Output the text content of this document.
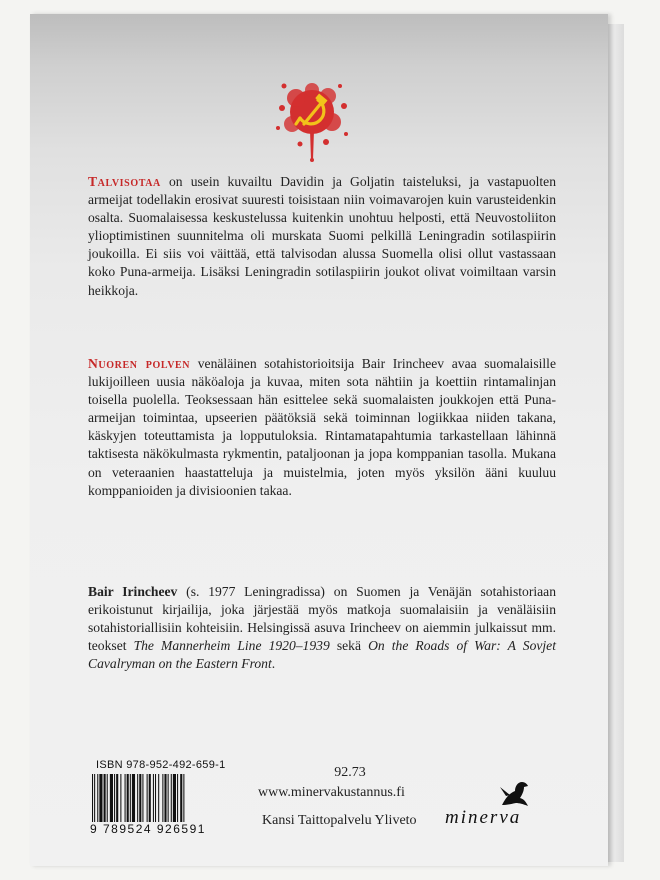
Talvisotaa on usein kuvailtu Davidin ja Goljatin taisteluksi, ja vastapuolten armeijat todellakin erosivat suuresti toisistaan niin voimavarojen kuin varusteidenkin osalta. Suomalaisessa keskustelussa kuitenkin unohtuu helposti, että Neuvostoliiton ylioptimistinen suunnitelma oli murskata Suomi pelkillä Leningradin sotilaspiirin joukoilla. Ei siis voi väittää, että talvisodan alussa Suomella olisi ollut vastassaan koko Puna-armeija. Lisäksi Leningradin sotilaspiirin joukot olivat voimiltaan varsin heikkoja.
Nuoren polven venäläinen sotahistorioitsija Bair Irincheev avaa suomalaisille lukijoilleen uusia näköaloja ja kuvaa, miten sota nähtiin ja koettiin rintamalinjan toisella puolella. Teoksessaan hän esittelee sekä suomalaisten joukkojen että Puna-armeijan toimintaa, upseerien päätöksiä sekä toiminnan logiikkaa niiden takana, käskyjen toteuttamista ja lopputuloksia. Rintamatapahtumia tarkastellaan lähinnä taktisesta näkökulmasta rykmentin, pataljoonan ja jopa komppanian tasolla. Mukana on veteraanien haastatteluja ja muistelmia, joten myös yksilön ääni kuuluu komppanioiden ja divisioonien takaa.
Bair Irincheev (s. 1977 Leningradissa) on Suomen ja Venäjän sotahistoriaan erikoistunut kirjailija, joka järjestää myös matkoja suomalaisiin ja venäläisiin sotahistoriallisiin kohteisiin. Helsingissä asuva Irincheev on aiemmin julkaissut mm. teokset The Mannerheim Line 1920–1939 sekä On the Roads of War: A Sovjet Cavalryman on the Eastern Front.
ISBN 978-952-492-659-1
9 789524 926591
92.73
www.minervakustannus.fi
Kansi Taittopalvelu Yliveto minerva
